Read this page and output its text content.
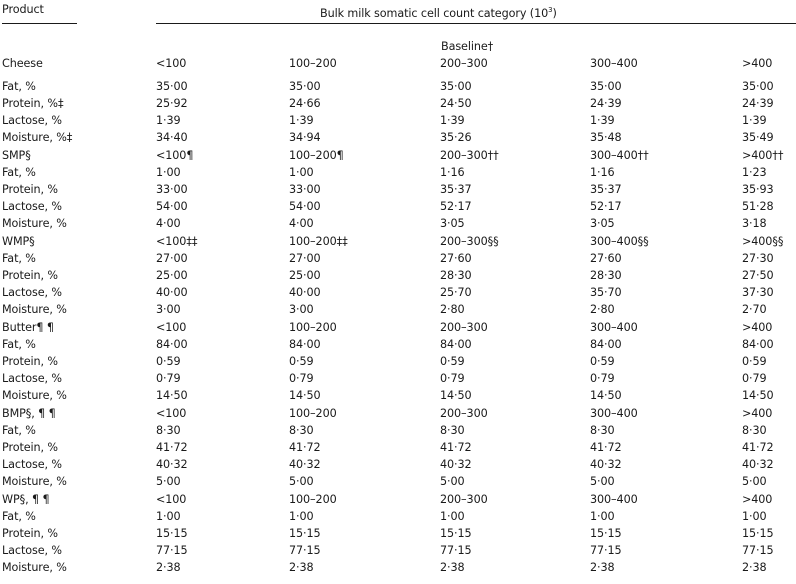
Product	Bulk milk somatic cell count category $(10^3)$
Baseline†
Cheese	<100	100–200	200–300	300–400	>400
Fat, %	35·00	35·00	35·00	35·00	35·00
Protein, %‡	25·92	24·66	24·50	24·39	24·39
Lactose, %	1·39	1·39	1·39	1·39	1·39
Moisture, %‡	34·40	34·94	35·26	35·48	35·49
SMP§	<100¶	100–200¶	200–300††	300–400††	>400††
Fat, %	1·00	1·00	1·16	1·16	1·23
Protein, %	33·00	33·00	35·37	35·37	35·93
Lactose, %	54·00	54·00	52·17	52·17	51·28
Moisture, %	4·00	4·00	3·05	3·05	3·18
WMP§	<100‡‡	100–200‡‡	200–300§§	300–400§§	>400§§
Fat, %	27·00	27·00	27·60	27·60	27·30
Protein, %	25·00	25·00	28·30	28·30	27·50
Lactose, %	40·00	40·00	25·70	35·70	37·30
Moisture, %	3·00	3·00	2·80	2·80	2·70
Butter¶ ¶	<100	100–200	200–300	300–400	>400
Fat, %	84·00	84·00	84·00	84·00	84·00
Protein, %	0·59	0·59	0·59	0·59	0·59
Lactose, %	0·79	0·79	0·79	0·79	0·79
Moisture, %	14·50	14·50	14·50	14·50	14·50
BMP§, ¶ ¶	<100	100–200	200–300	300–400	>400
Fat, %	8·30	8·30	8·30	8·30	8·30
Protein, %	41·72	41·72	41·72	41·72	41·72
Lactose, %	40·32	40·32	40·32	40·32	40·32
Moisture, %	5·00	5·00	5·00	5·00	5·00
WP§, ¶ ¶	<100	100–200	200–300	300–400	>400
Fat, %	1·00	1·00	1·00	1·00	1·00
Protein, %	15·15	15·15	15·15	15·15	15·15
Lactose, %	77·15	77·15	77·15	77·15	77·15
Moisture, %	2·38	2·38	2·38	2·38	2·38
